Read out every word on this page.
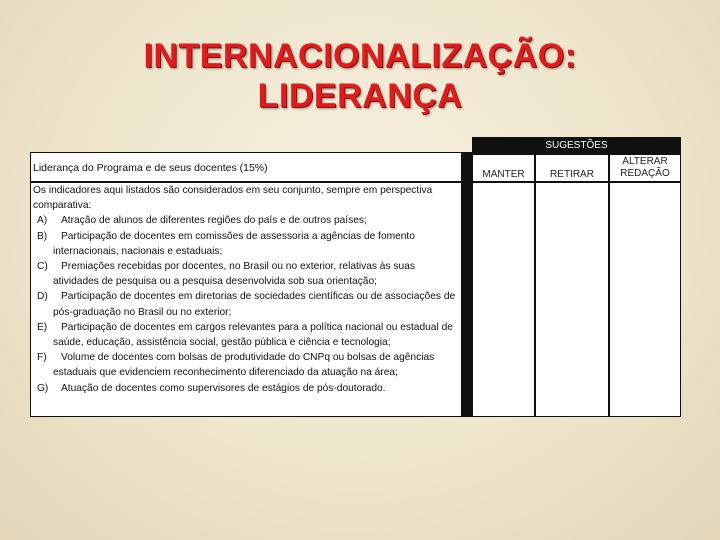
INTERNACIONALIZAÇÃO:
LIDERANÇA
SUGESTÕES
Liderança do Programa e de seus docentes (15%)
MANTER	RETIRAR
ALTERAR REDAÇÃO

Os indicadores aqui listados são considerados em seu conjunto, sempre em perspectiva comparativa:

A) Atração de alunos de diferentes regiões do país e de outros países;

B) Participação de docentes em comissões de assessoria a agências de fomento internacionais, nacionais e estaduais;

C) Premiações recebidas por docentes, no Brasil ou no exterior, relativas às suas atividades de pesquisa ou a pesquisa desenvolvida sob sua orientação;

D) Participação de docentes em diretorias de sociedades científicas ou de associações de pós-graduação no Brasil ou no exterior;

E) Participação de docentes em cargos relevantes para a política nacional ou estadual de saúde, educação, assistência social, gestão pública e ciência e tecnologia;

F) Volume de docentes com bolsas de produtividade do CNPq ou bolsas de agências estaduais que evidenciem reconhecimento diferenciado da atuação na área;

G) Atuação de docentes como supervisores de estágios de pós-doutorado.
